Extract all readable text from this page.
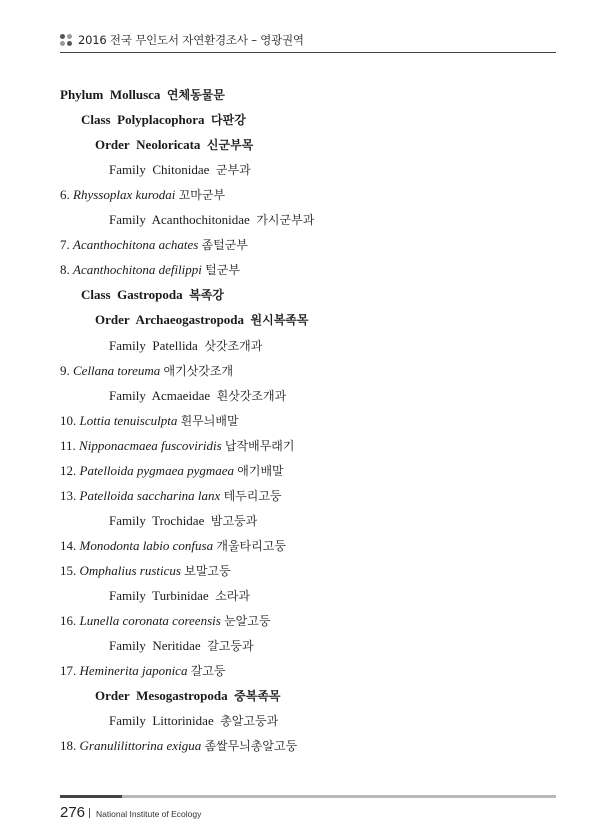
2016 전국 무인도서 자연환경조사 – 영광권역
Phylum Mollusca 연체동물문
Class Polyplacophora 다판강
Order Neoloricata 신군부목
Family Chitonidae 군부과
6. Rhyssoplax kurodai 꼬마군부
Family Acanthochitonidae 가시군부과
7. Acanthochitona achates 좀털군부
8. Acanthochitona defilippi 털군부
Class Gastropoda 복족강
Order Archaeogastropoda 원시복족목
Family Patellida 삿갓조개과
9. Cellana toreuma 애기삿갓조개
Family Acmaeidae 흰삿갓조개과
10. Lottia tenuisculpta 흰무늬배말
11. Nipponacmaea fuscoviridis 납작배무래기
12. Patelloida pygmaea pygmaea 애기배말
13. Patelloida saccharina lanx 테두리고둥
Family Trochidae 밤고둥과
14. Monodonta labio confusa 개울타리고둥
15. Omphalius rusticus 보말고둥
Family Turbinidae 소라과
16. Lunella coronata coreensis 눈알고둥
Family Neritidae 갈고둥과
17. Heminerita japonica 갈고둥
Order Mesogastropoda 중복족목
Family Littorinidae 총알고둥과
18. Granulilittorina exigua 좀쌀무늬총알고둥
276 National Institute of Ecology
